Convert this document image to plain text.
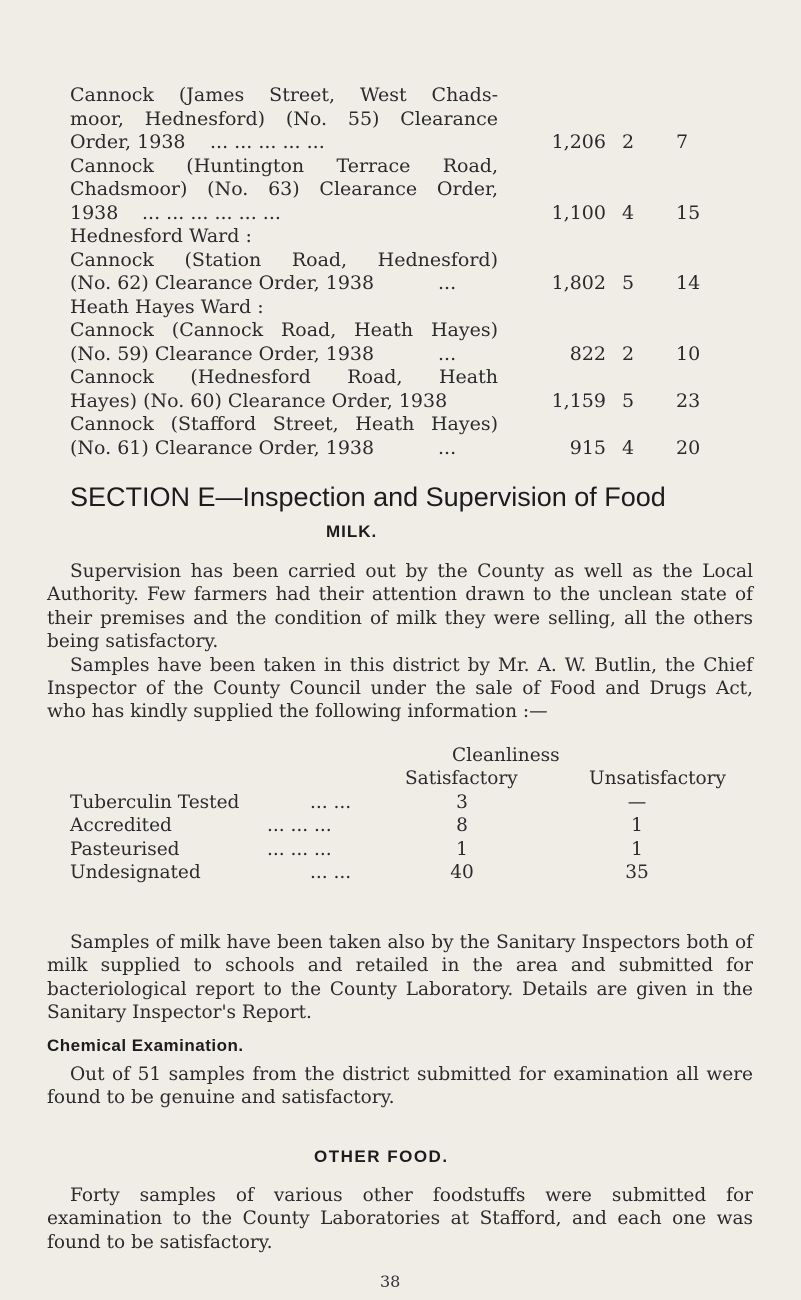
Cannock (James Street, West Chads-
moor, Hednesford) (No. 55) Clearance
Order, 1938 ... ... ... ... ...	1,206 2 7
Cannock (Huntington Terrace Road,
Chadsmoor) (No. 63) Clearance Order,
1938 ... ... ... ... ... ...	1,100 4 15
Hednesford Ward :
Cannock (Station Road, Hednesford)
(No. 62) Clearance Order, 1938	...	1,802 5 14
Heath Hayes Ward :
Cannock (Cannock Road, Heath Hayes)
(No. 59) Clearance Order, 1938	...	822 2 10
Cannock (Hednesford Road, Heath
Hayes) (No. 60) Clearance Order, 1938	1,159 5 23
Cannock (Stafford Street, Heath Hayes)
(No. 61) Clearance Order, 1938	...	915 4 20
SECTION E—Inspection and Supervision of Food
MILK.

Supervision has been carried out by the County as well as the Local Authority. Few farmers had their attention drawn to the unclean state of their premises and the condition of milk they were selling, all the others being satisfactory.

Samples have been taken in this district by Mr. A. W. Butlin, the Chief Inspector of the County Council under the sale of Food and Drugs Act, who has kindly supplied the following information :—

Cleanliness
Satisfactory	Unsatisfactory
Tuberculin Tested	... ...	3	—
Accredited	... ... ...	8	1
Pasteurised	... ... ...	1	1
Undesignated	... ...	40	35

Samples of milk have been taken also by the Sanitary Inspectors both of milk supplied to schools and retailed in the area and submitted for bacteriological report to the County Laboratory. Details are given in the Sanitary Inspector's Report.

Chemical Examination.

Out of 51 samples from the district submitted for examination all were found to be genuine and satisfactory.

OTHER FOOD.

Forty samples of various other foodstuffs were submitted for examination to the County Laboratories at Stafford, and each one was found to be satisfactory.

38
